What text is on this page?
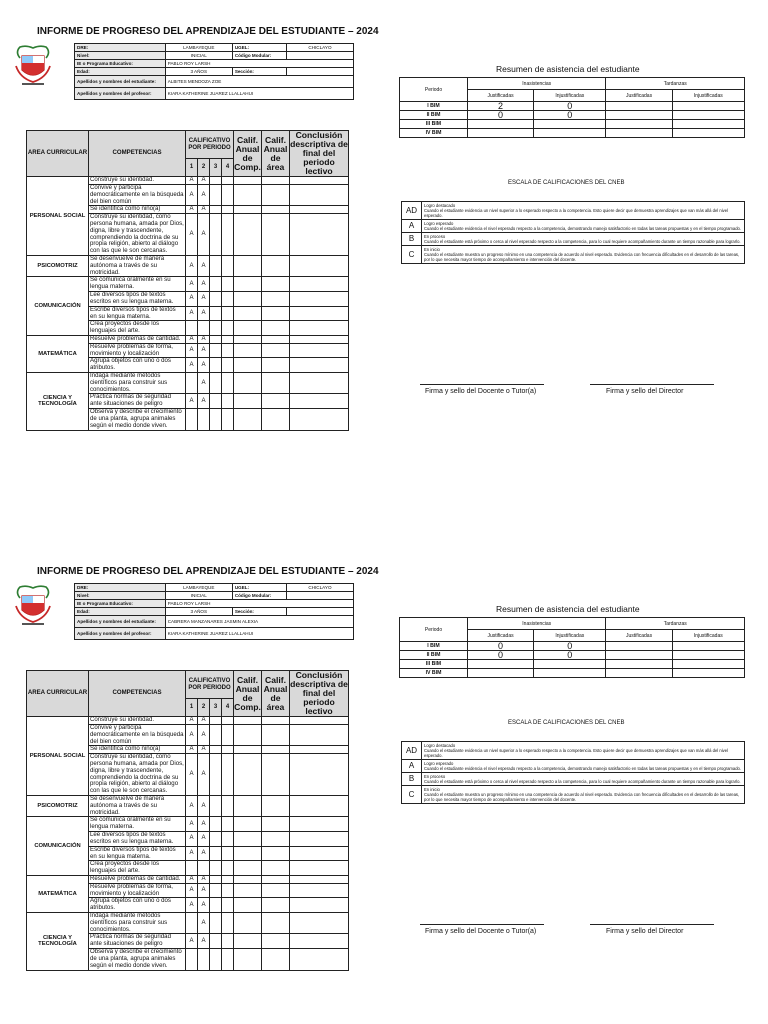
INFORME DE PROGRESO DEL APRENDIZAJE DEL ESTUDIANTE – 2024
DRE:	LAMBAYEQUE	UGEL:	CHICLAYO
Nivel:	INICIAL	Código Modular:	
IE o Programa Educativo:	PABLO ROY LARSH		
Edad:	3 AÑOS	Sección:	
Apellidos y nombres del estudiante:	ALBITES MENDOZA ZOE		
Apellidos y nombres del profesor:	KIARA KATHERINE JUAREZ LLALLAHUI		
AREA CURRICULAR	COMPETENCIAS	CALIFICATIVO POR PERIODO				Calif. Anual de Comp.	Calif. Anual de área	Conclusión descriptiva de final del periodo lectivo
		1	2	3	4			
PERSONAL SOCIAL	Construye su identidad.	A	A					
	Convive y participa democráticamente en la búsqueda del bien común	A	A					
	Se identifica como niño(a)	A	A					
	Construye su identidad, como persona humana, amada por Dios, digna, libre y trascendente, comprendiendo la doctrina de su propia religión, abierto al diálogo con las que le son cercanas.	A	A					
PSICOMOTRIZ	Se desenvuelve de manera autónoma a través de su motricidad.	A	A					
COMUNICACIÓN	Se comunica oralmente en su lengua materna.	A	A					
	Lee diversos tipos de textos escritos en su lengua materna.	A	A					
	Escribe diversos tipos de textos en su lengua materna.	A	A					
	Crea proyectos desde los lenguajes del arte.							
MATEMÁTICA	Resuelve problemas de cantidad.	A	A					
	Resuelve problemas de forma, movimiento y localización	A	A					
	Agrupa objetos con uno o dos atributos.	A	A					
CIENCIA Y TECNOLOGÍA	Indaga mediante métodos científicos para construir sus conocimientos.		A					
	Practica normas de seguridad ante situaciones de peligro	A	A					
	Observa y describe el crecimiento de una planta, agrupa animales según el medio donde viven.							
Resumen de asistencia del estudiante
Periodo	Inasistencias		Tardanzas	
	Justificadas	Injustificadas	Justificadas	Injustificadas
I BIM	2	0		
II BIM	0	0		
III BIM				
IV BIM				
ESCALA DE CALIFICACIONES DEL CNEB
AD	Logro destacado
Cuando el estudiante evidencia un nivel superior a lo esperado respecto a la competencia. Esto quiere decir que demuestra aprendizajes que van más allá del nivel esperado.
A	Logro esperado
Cuando el estudiante evidencia el nivel esperado respecto a la competencia, demostrando manejo satisfactorio en todas las tareas propuestas y en el tiempo programado.
B	En proceso
Cuando el estudiante está próximo o cerca al nivel esperado respecto a la competencia, para lo cual requiere acompañamiento durante un tiempo razonable para lograrlo.
C	En inicio
Cuando el estudiante muestra un progreso mínimo en una competencia de acuerdo al nivel esperado. Evidencia con frecuencia dificultades en el desarrollo de las tareas, por lo que necesita mayor tiempo de acompañamiento e intervención del docente.
Firma y sello del Docente o Tutor(a)	Firma y sello del Director
INFORME DE PROGRESO DEL APRENDIZAJE DEL ESTUDIANTE – 2024
DRE:	LAMBAYEQUE	UGEL:	CHICLAYO
Nivel:	INICIAL	Código Modular:	
IE o Programa Educativo:	PABLO ROY LARSH		
Edad:	3 AÑOS	Sección:	
Apellidos y nombres del estudiante:	CABRERA MANZANARES JASMIN ALEXIA		
Apellidos y nombres del profesor:	KIARA KATHERINE JUAREZ LLALLAHUI		
AREA CURRICULAR	COMPETENCIAS	CALIFICATIVO POR PERIODO				Calif. Anual de Comp.	Calif. Anual de área	Conclusión descriptiva de final del periodo lectivo
		1	2	3	4			
PERSONAL SOCIAL	Construye su identidad.	A	A					
	Convive y participa democráticamente en la búsqueda del bien común	A	A					
	Se identifica como niño(a)	A	A					
	Construye su identidad, como persona humana, amada por Dios, digna, libre y trascendente, comprendiendo la doctrina de su propia religión, abierto al diálogo con las que le son cercanas.	A	A					
PSICOMOTRIZ	Se desenvuelve de manera autónoma a través de su motricidad.	A	A					
COMUNICACIÓN	Se comunica oralmente en su lengua materna.	A	A					
	Lee diversos tipos de textos escritos en su lengua materna.	A	A					
	Escribe diversos tipos de textos en su lengua materna.	A	A					
	Crea proyectos desde los lenguajes del arte.							
MATEMÁTICA	Resuelve problemas de cantidad.	A	A					
	Resuelve problemas de forma, movimiento y localización	A	A					
	Agrupa objetos con uno o dos atributos.	A	A					
CIENCIA Y TECNOLOGÍA	Indaga mediante métodos científicos para construir sus conocimientos.		A					
	Practica normas de seguridad ante situaciones de peligro	A	A					
	Observa y describe el crecimiento de una planta, agrupa animales según el medio donde viven.							
Resumen de asistencia del estudiante
Periodo	Inasistencias		Tardanzas	
	Justificadas	Injustificadas	Justificadas	Injustificadas
I BIM	0	0		
II BIM	0	0		
III BIM				
IV BIM				
ESCALA DE CALIFICACIONES DEL CNEB
AD	Logro destacado
Cuando el estudiante evidencia un nivel superior a lo esperado respecto a la competencia. Esto quiere decir que demuestra aprendizajes que van más allá del nivel esperado.
A	Logro esperado
Cuando el estudiante evidencia el nivel esperado respecto a la competencia, demostrando manejo satisfactorio en todas las tareas propuestas y en el tiempo programado.
B	En proceso
Cuando el estudiante está próximo o cerca al nivel esperado respecto a la competencia, para lo cual requiere acompañamiento durante un tiempo razonable para lograrlo.
C	En inicio
Cuando el estudiante muestra un progreso mínimo en una competencia de acuerdo al nivel esperado. Evidencia con frecuencia dificultades en el desarrollo de las tareas, por lo que necesita mayor tiempo de acompañamiento e intervención del docente.
Firma y sello del Docente o Tutor(a)	Firma y sello del Director
